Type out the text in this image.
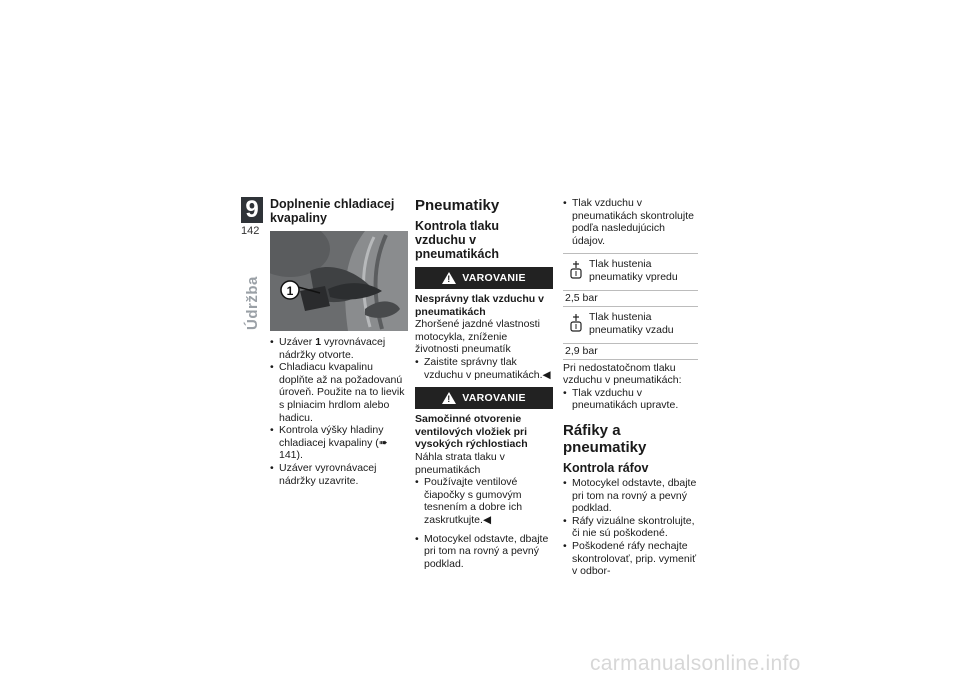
9
142
Údržba
Doplnenie chladiacej kvapaliny
1
• Uzáver 1 vyrovnávacej nádržky otvorte.
• Chladiacu kvapalinu doplňte až na požadovanú úroveň. Použite na to lievik s plniacim hrdlom alebo hadicu.
• Kontrola výšky hladiny chladiacej kvapaliny (➠ 141).
• Uzáver vyrovnávacej nádržky uzavrite.
Pneumatiky
Kontrola tlaku vzduchu v pneumatikách
!
VAROVANIE

Nesprávny tlak vzduchu v pneumatikách

Zhoršené jazdné vlastnosti motocykla, zníženie životnosti pneumatík

• Zaistite správny tlak vzduchu v pneumatikách.◀
!
VAROVANIE

Samočinné otvorenie ventilových vložiek pri vysokých rýchlostiach

Náhla strata tlaku v pneumatikách

• Používajte ventilové čiapočky s gumovým tesnením a dobre ich zaskrutkujte.◀
• Motocykel odstavte, dbajte pri tom na rovný a pevný podklad.
• Tlak vzduchu v pneumatikách skontrolujte podľa nasledujúcich údajov.
Tlak hustenia pneumatiky vpredu
2,5 bar
Tlak hustenia pneumatiky vzadu
2,9 bar

Pri nedostatočnom tlaku vzduchu v pneumatikách:

• Tlak vzduchu v pneumatikách upravte.
Ráfiky a pneumatiky
Kontrola ráfov
• Motocykel odstavte, dbajte pri tom na rovný a pevný podklad.
• Ráfy vizuálne skontrolujte, či nie sú poškodené.
• Poškodené ráfy nechajte skontrolovať, prip. vymeniť v odbor-
carmanualsonline.info
